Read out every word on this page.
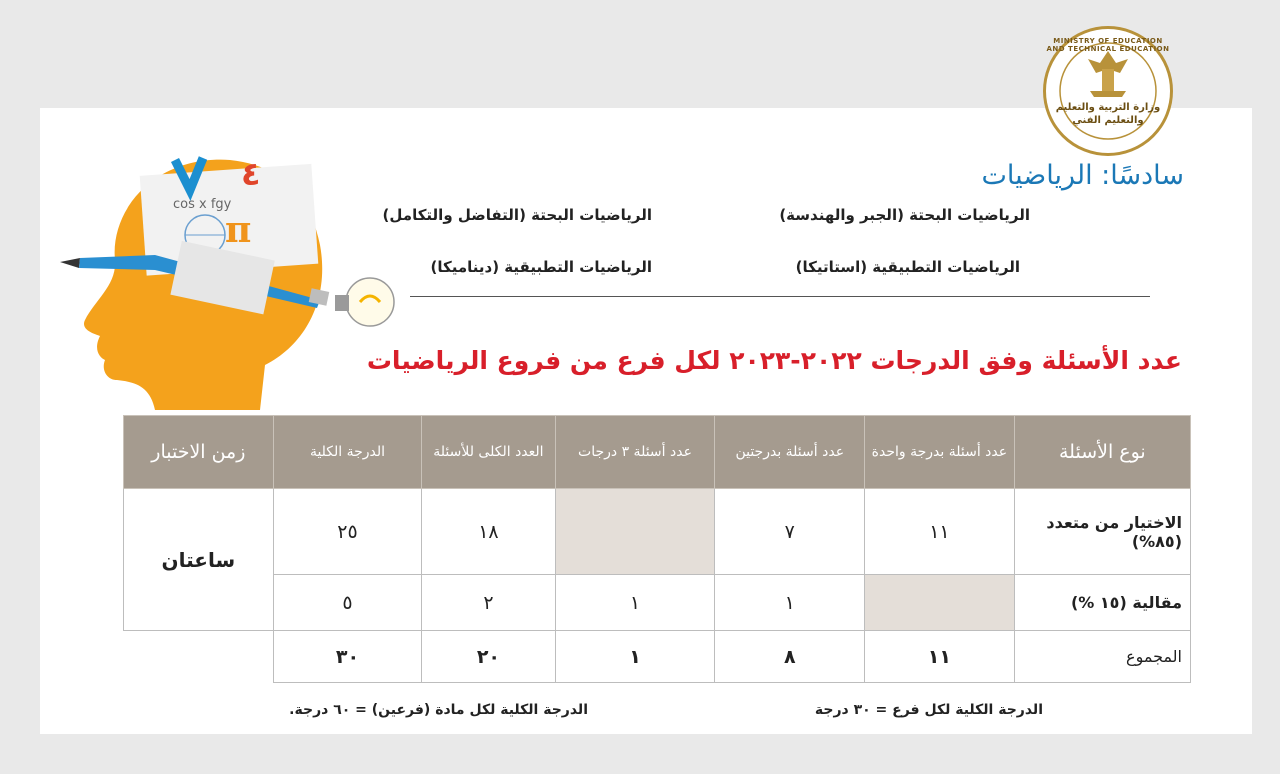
MINISTRY OF EDUCATION AND TECHNICAL EDUCATION
وزارة التربية والتعليم والتعليم الفني
٤
cos x fgy
π
سادسًا: الرياضيات
الرياضيات البحتة (الجبر والهندسة)
الرياضيات البحتة (التفاضل والتكامل)
الرياضيات التطبيقية (استاتيكا)
الرياضيات التطبيقية (ديناميكا)
عدد الأسئلة وفق الدرجات ٢٠٢٢-٢٠٢٣ لكل فرع من فروع الرياضيات
نوع الأسئلة	عدد أسئلة بدرجة واحدة	عدد أسئلة بدرجتين	عدد أسئلة ٣ درجات	العدد الكلى للأسئلة	الدرجة الكلية	زمن الاختبار
الاختيار من متعدد (٨٥%)	١١	٧		١٨	٢٥	ساعتان
مقالية (١٥ %)		١	١	٢	٥	
المجموع	١١	٨	١	٢٠	٣٠	
الدرجة الكلية لكل فرع = ٣٠ درجة
الدرجة الكلية لكل مادة (فرعين) = ٦٠ درجة.
